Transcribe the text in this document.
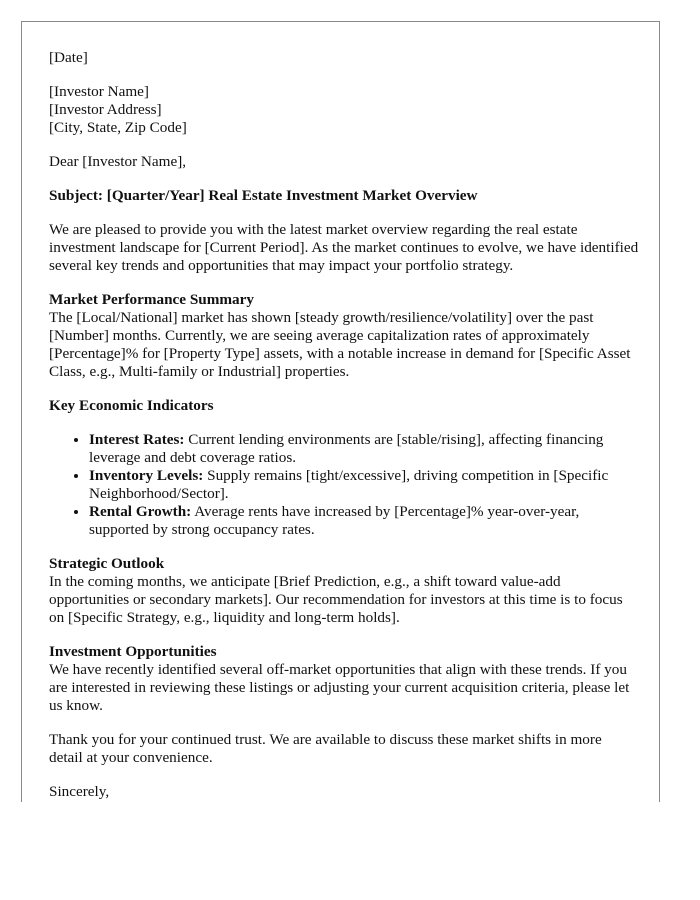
[Date]

[Investor Name]
[Investor Address]
[City, State, Zip Code]

Dear [Investor Name],

Subject: [Quarter/Year] Real Estate Investment Market Overview

We are pleased to provide you with the latest market overview regarding the real estate investment landscape for [Current Period]. As the market continues to evolve, we have identified several key trends and opportunities that may impact your portfolio strategy.

Market Performance Summary
The [Local/National] market has shown [steady growth/resilience/volatility] over the past [Number] months. Currently, we are seeing average capitalization rates of approximately [Percentage]% for [Property Type] assets, with a notable increase in demand for [Specific Asset Class, e.g., Multi-family or Industrial] properties.

Key Economic Indicators

• Interest Rates: Current lending environments are [stable/rising], affecting financing leverage and debt coverage ratios.
• Inventory Levels: Supply remains [tight/excessive], driving competition in [Specific Neighborhood/Sector].
• Rental Growth: Average rents have increased by [Percentage]% year-over-year, supported by strong occupancy rates.

Strategic Outlook
In the coming months, we anticipate [Brief Prediction, e.g., a shift toward value-add opportunities or secondary markets]. Our recommendation for investors at this time is to focus on [Specific Strategy, e.g., liquidity and long-term holds].

Investment Opportunities
We have recently identified several off-market opportunities that align with these trends. If you are interested in reviewing these listings or adjusting your current acquisition criteria, please let us know.

Thank you for your continued trust. We are available to discuss these market shifts in more detail at your convenience.

Sincerely,
